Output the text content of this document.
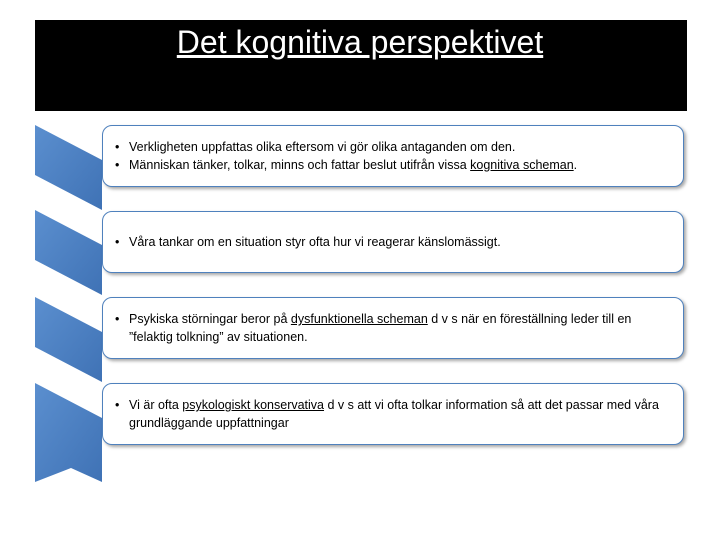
Det kognitiva perspektivet
• Verkligheten uppfattas olika eftersom vi gör olika antaganden om den.
• Människan tänker, tolkar, minns och fattar beslut utifrån vissa kognitiva scheman.
• Våra tankar om en situation styr ofta hur vi reagerar känslomässigt.
• Psykiska störningar beror på dysfunktionella scheman d v s när en föreställning leder till en ”felaktig tolkning” av situationen.
• Vi är ofta psykologiskt konservativa d v s att vi ofta tolkar information så att det passar med våra grundläggande uppfattningar
